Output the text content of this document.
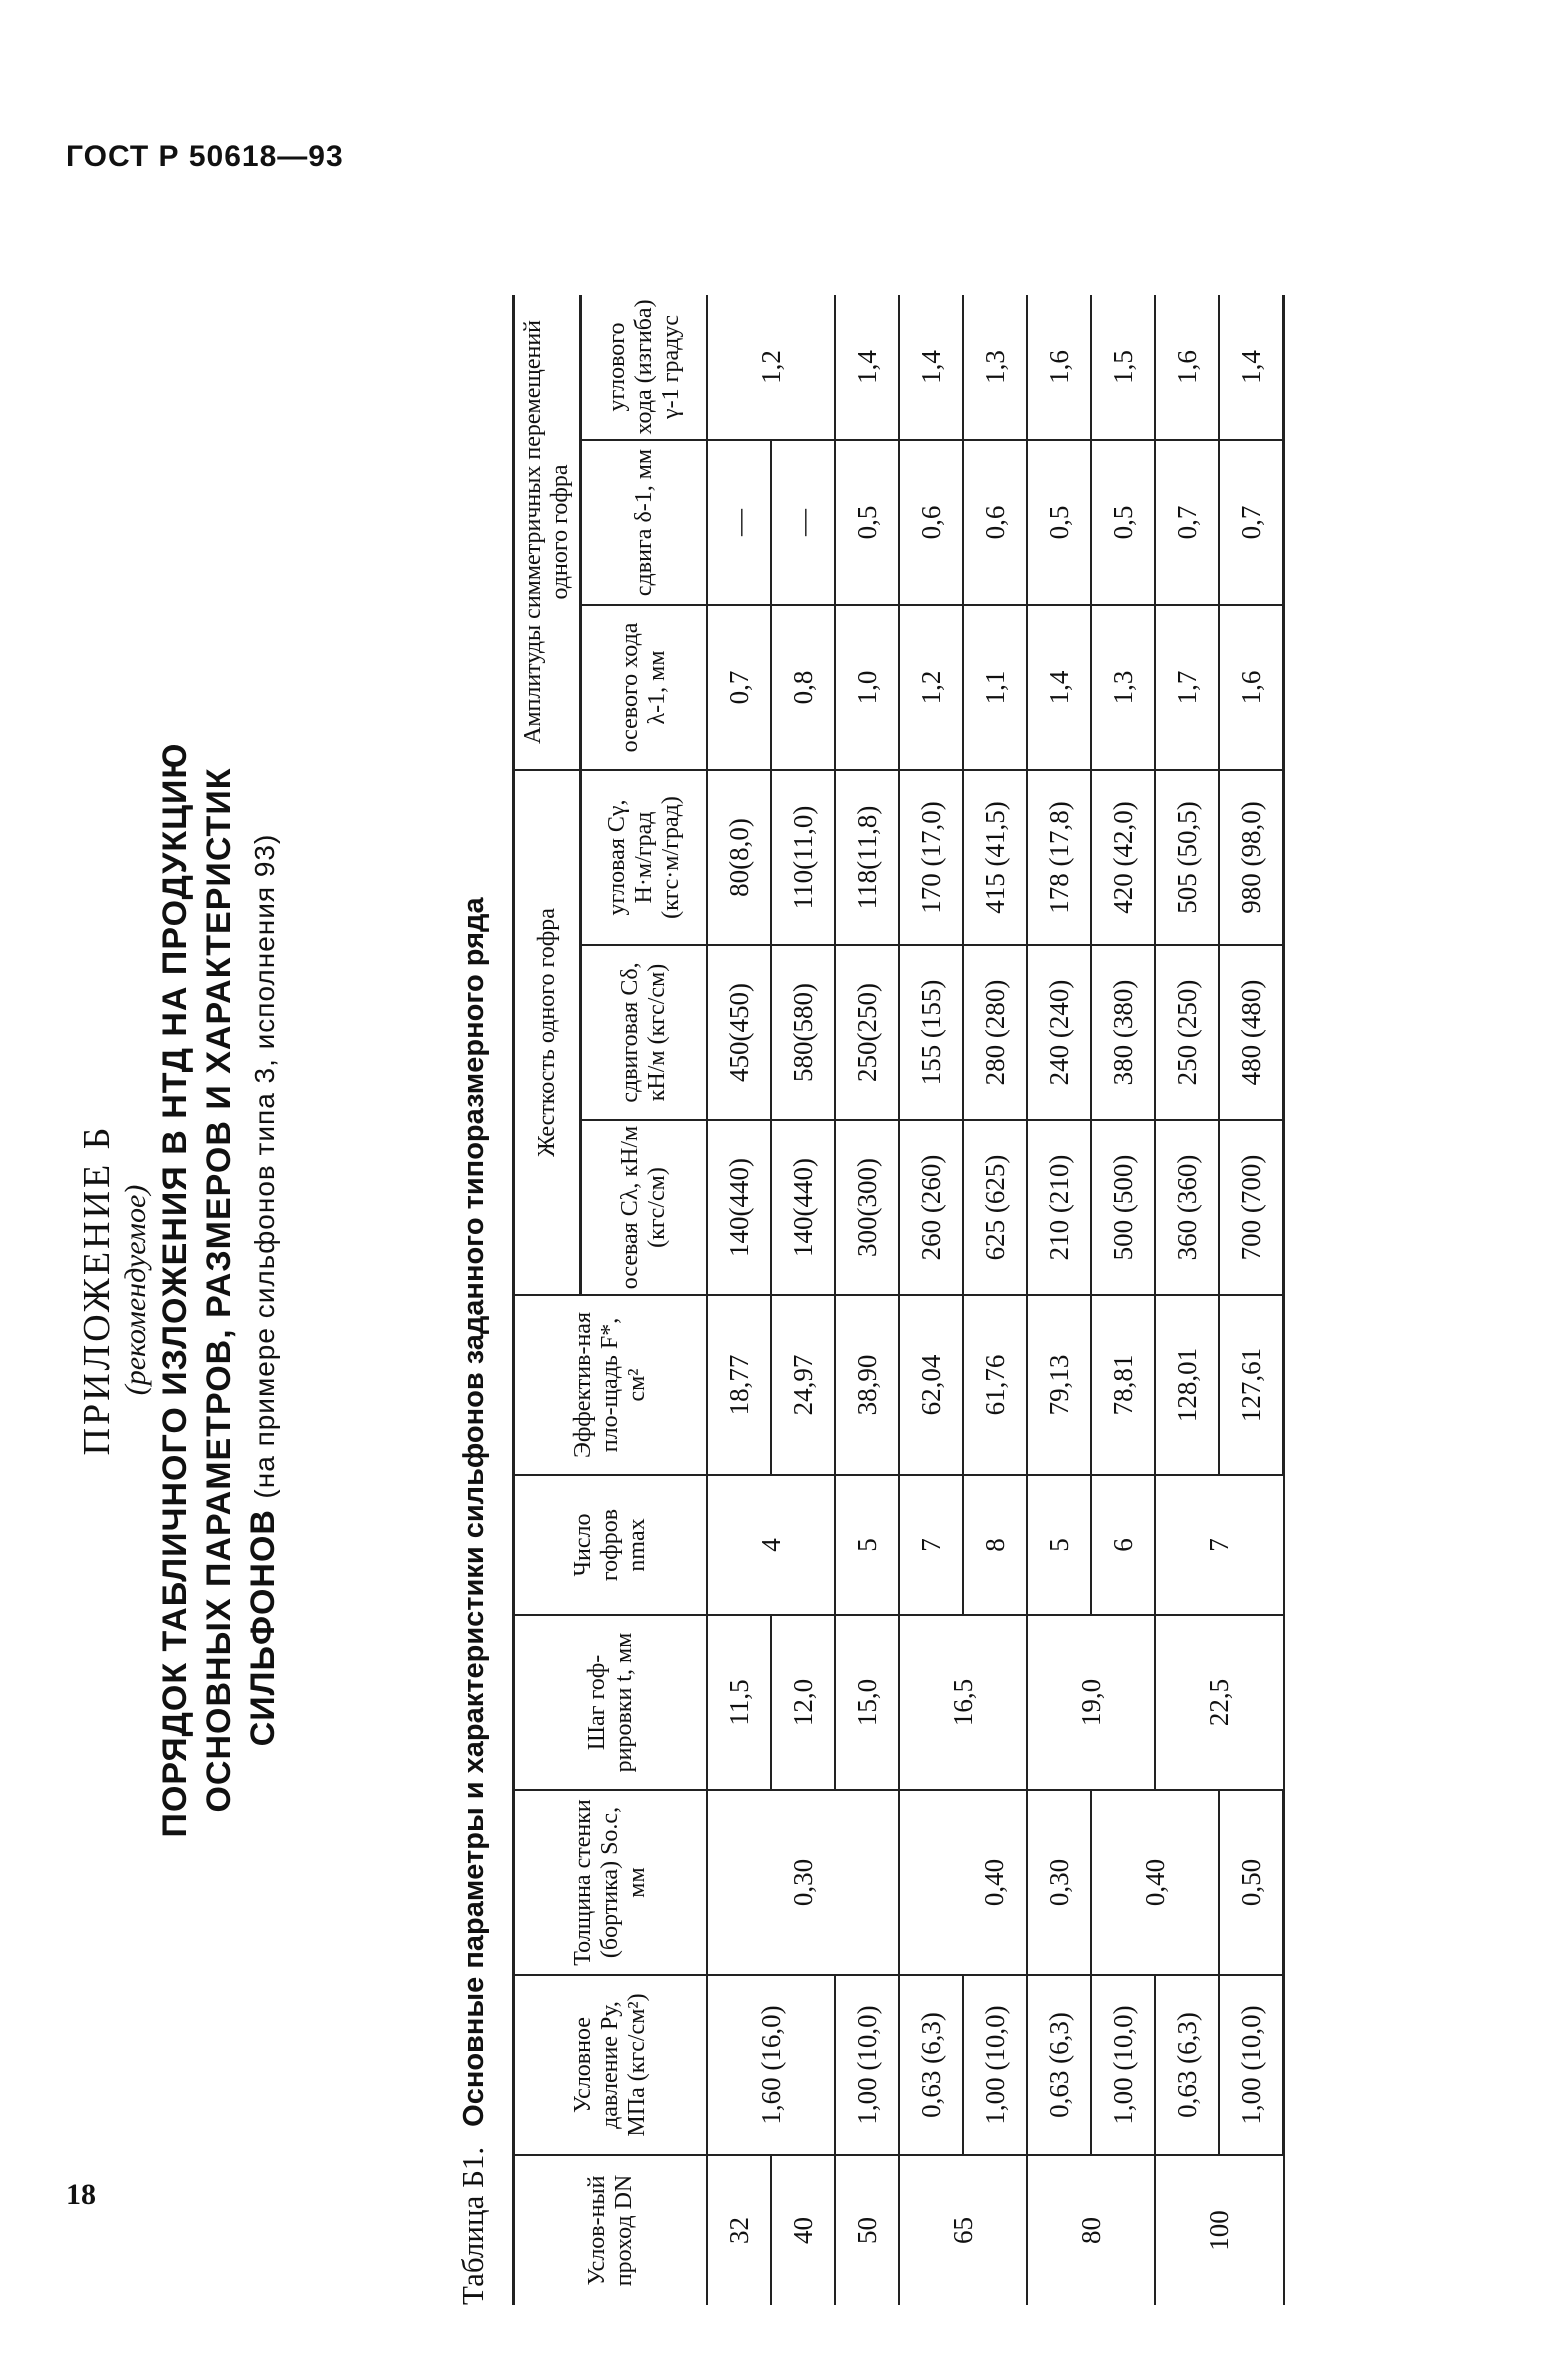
ГОСТ Р 50618—93
18
ПРИЛОЖЕНИЕ Б (рекомендуемое) ПОРЯДОК ТАБЛИЧНОГО ИЗЛОЖЕНИЯ В НТД НА ПРОДУКЦИЮ ОСНОВНЫХ ПАРАМЕТРОВ, РАЗМЕРОВ И ХАРАКТЕРИСТИК СИЛЬФОНОВ (на примере сильфонов типа 3, исполнения 93)
Таблица Б1.Основные параметры и характеристики сильфонов заданного типоразмерного ряда
Услов-ный проход DN	Условное давление Pу, МПа (кгс/см²)	Толщина стенки (бортика) Sо.с, мм	Шаг гоф-рировки t, мм	Число гофров nmax	Эффектив-ная пло-щадь F*, см²	Жесткость одного гофра			Амплитуды симметричных перемещений одного гофра		
						осевая Cλ, кН/м (кгс/см)	сдвиговая Cδ, кН/м (кгс/см)	угловая Cγ, Н·м/град (кгс·м/град)	осевого хода λ-1, мм	сдвига δ-1, мм	углового хода (изгиба) γ-1 градус
32	1,60 (16,0)	0,30	11,5	4	18,77	140(440)	450(450)	80(8,0)	0,7	—	1,2
40			12,0		24,97	140(440)	580(580)	110(11,0)	0,8	—	
50	1,00 (10,0)		15,0	5	38,90	300(300)	250(250)	118(11,8)	1,0	0,5	1,4
65	0,63 (6,3)		16,5	7	62,04	260 (260)	155 (155)	170 (17,0)	1,2	0,6	1,4
	1,00 (10,0)	0,40		8	61,76	625 (625)	280 (280)	415 (41,5)	1,1	0,6	1,3
80	0,63 (6,3)	0,30	19,0	5	79,13	210 (210)	240 (240)	178 (17,8)	1,4	0,5	1,6
	1,00 (10,0)	0,40		6	78,81	500 (500)	380 (380)	420 (42,0)	1,3	0,5	1,5
100	0,63 (6,3)		22,5	7	128,01	360 (360)	250 (250)	505 (50,5)	1,7	0,7	1,6
	1,00 (10,0)	0,50			127,61	700 (700)	480 (480)	980 (98,0)	1,6	0,7	1,4
